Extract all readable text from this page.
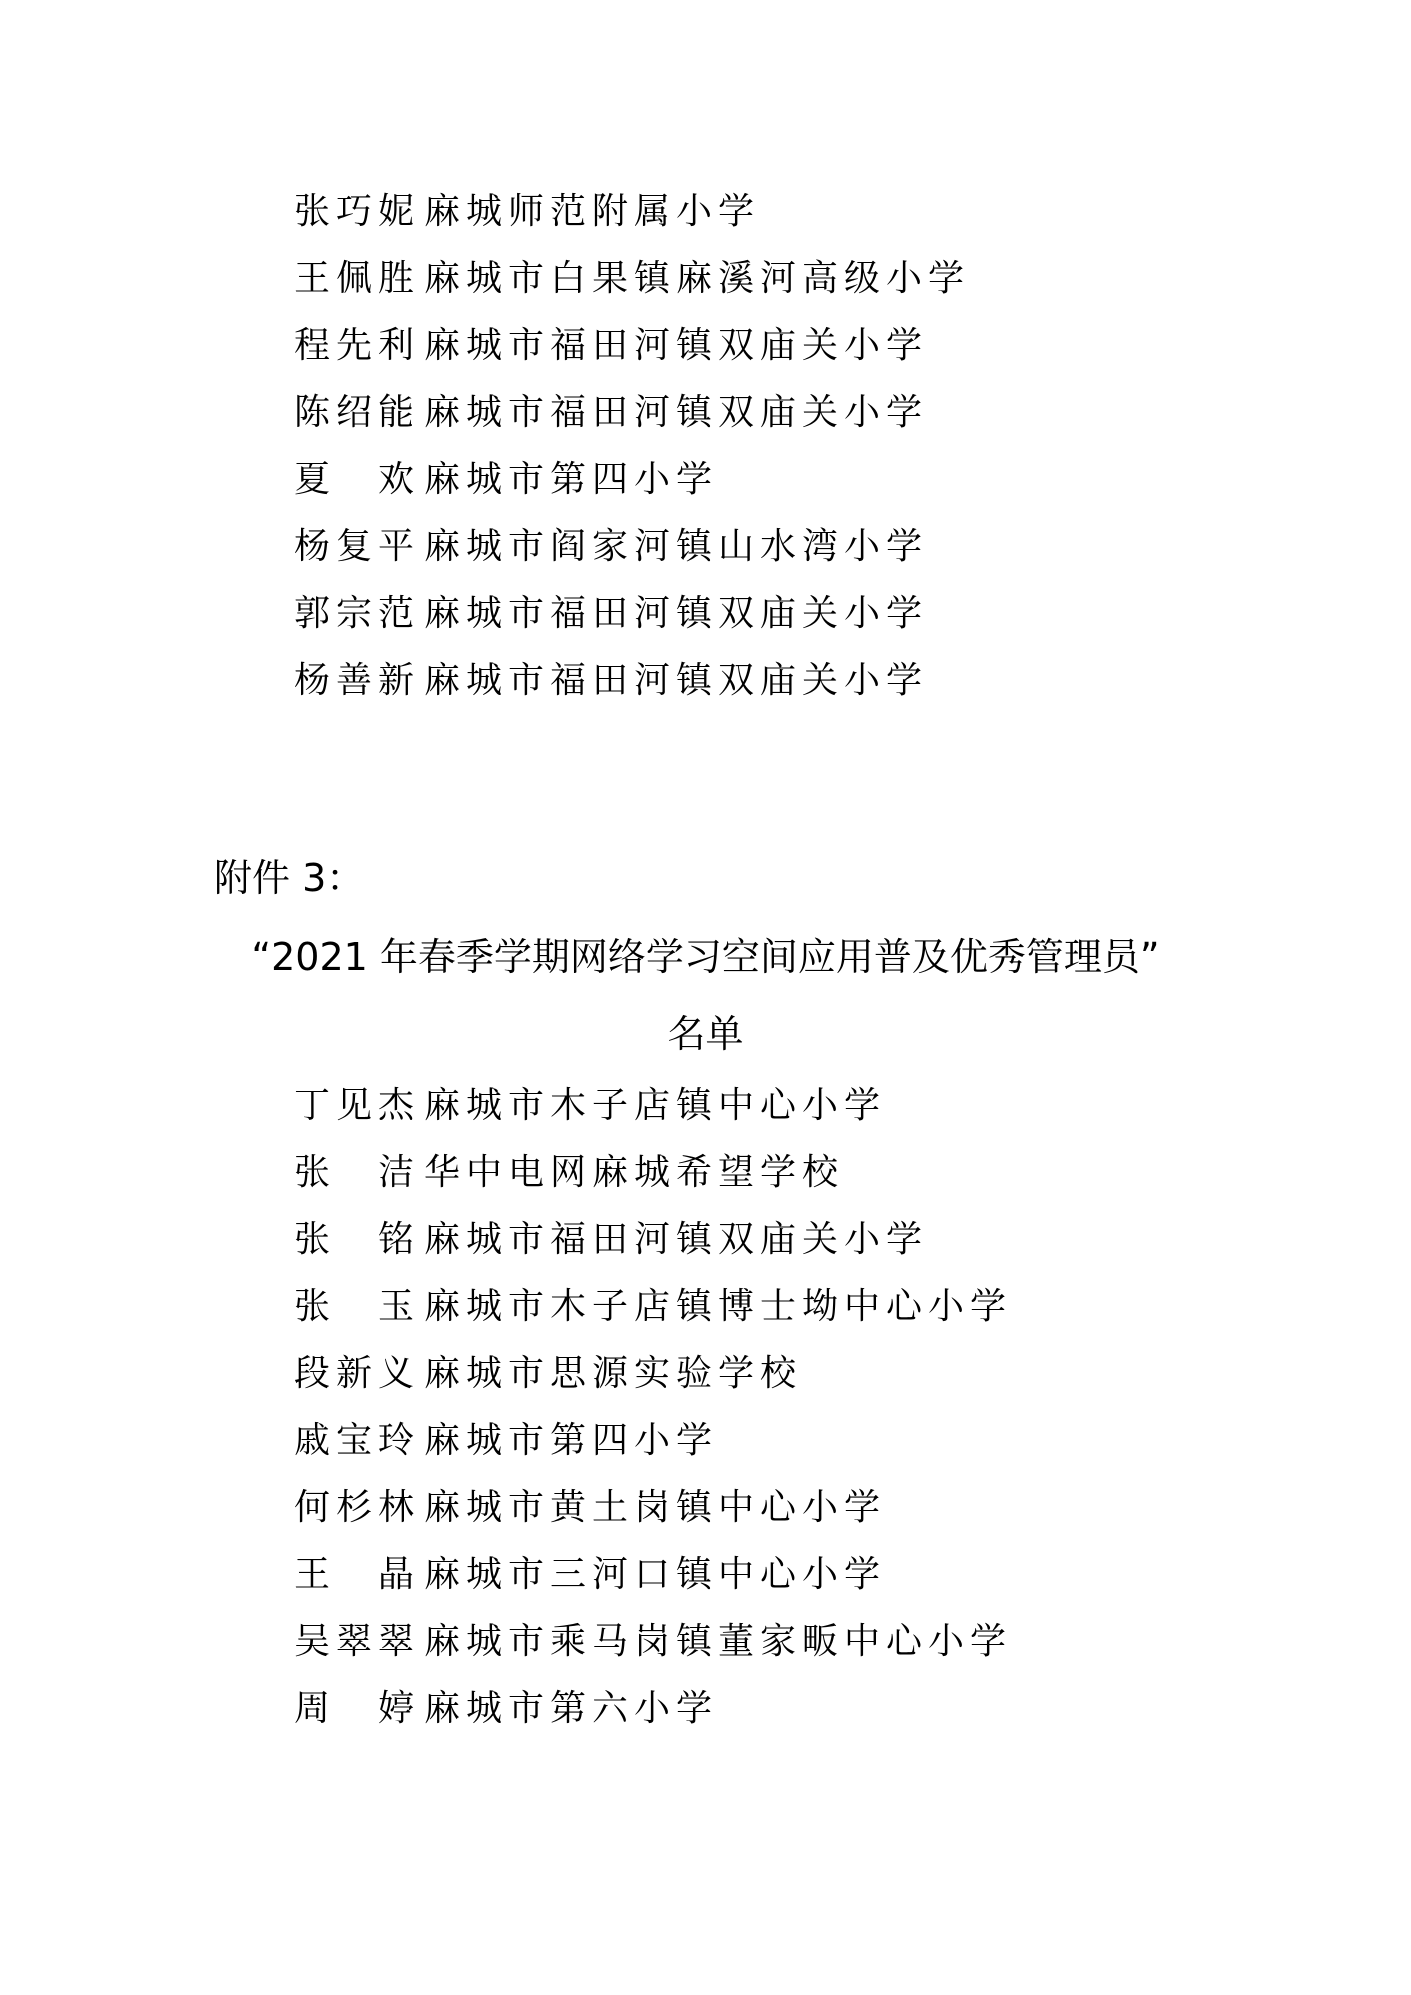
张巧妮 麻城师范附属小学
王佩胜 麻城市白果镇麻溪河高级小学
程先利 麻城市福田河镇双庙关小学
陈绍能 麻城市福田河镇双庙关小学
夏　欢 麻城市第四小学
杨复平 麻城市阎家河镇山水湾小学
郭宗范 麻城市福田河镇双庙关小学
杨善新 麻城市福田河镇双庙关小学
附件 3：
“2021 年春季学期网络学习空间应用普及优秀管理员”
名单
丁见杰 麻城市木子店镇中心小学
张　洁 华中电网麻城希望学校
张　铭 麻城市福田河镇双庙关小学
张　玉 麻城市木子店镇博士坳中心小学
段新义 麻城市思源实验学校
戚宝玲 麻城市第四小学
何杉林 麻城市黄土岗镇中心小学
王　晶 麻城市三河口镇中心小学
吴翠翠 麻城市乘马岗镇董家畈中心小学
周　婷 麻城市第六小学
